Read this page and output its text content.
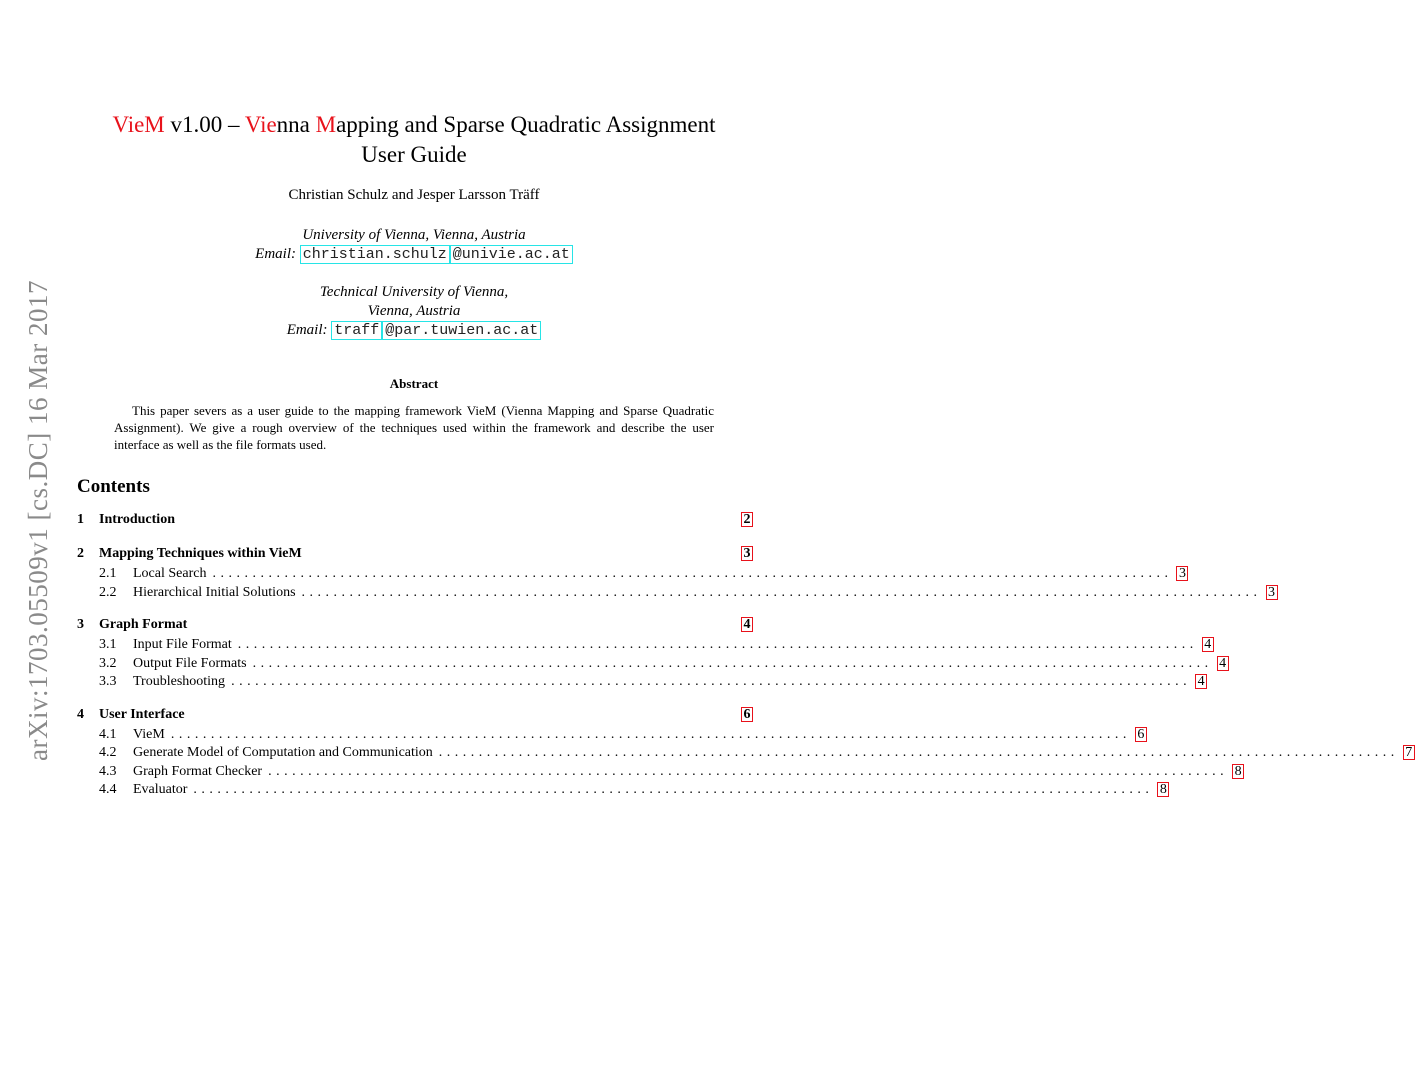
arXiv:1703.05509v1 [cs.DC] 16 Mar 2017
VieM v1.00 – Vienna Mapping and Sparse Quadratic Assignment
User Guide
Christian Schulz and Jesper Larsson Träff
University of Vienna, Vienna, Austria
Email: christian.schulz @univie.ac.at
Technical University of Vienna,
Vienna, Austria
Email: traff @par.tuwien.ac.at
Abstract
This paper severs as a user guide to the mapping framework VieM (Vienna Mapping and Sparse Quadratic Assignment). We give a rough overview of the techniques used within the framework and describe the user interface as well as the file formats used.
Contents
1	Introduction	2
2	Mapping Techniques within VieM	3
2.1	Local Search . . . . . . . . . . . . . . . . . . . . . . . . . . . . . . . . . . . . . . . . . . . . . . . . . . . . . . . . . . . . . . . . . . . . . . . . . . . . . . . . . . . . . . . . . . . . . . . . . . . . . . . . . . . . . . . . . . . . . . . . 3
2.2	Hierarchical Initial Solutions . . . . . . . . . . . . . . . . . . . . . . . . . . . . . . . . . . . . . . . . . . . . . . . . . . . . . . . . . . . . . . . . . . . . . . . . . . . . . . . . . . . . . . . . . . . . . . . . . . . . . . . . . . . . . . . . . . . . . . . . 3
3	Graph Format	4
3.1	Input File Format . . . . . . . . . . . . . . . . . . . . . . . . . . . . . . . . . . . . . . . . . . . . . . . . . . . . . . . . . . . . . . . . . . . . . . . . . . . . . . . . . . . . . . . . . . . . . . . . . . . . . . . . . . . . . . . . . . . . . . . . 4
3.2	Output File Formats . . . . . . . . . . . . . . . . . . . . . . . . . . . . . . . . . . . . . . . . . . . . . . . . . . . . . . . . . . . . . . . . . . . . . . . . . . . . . . . . . . . . . . . . . . . . . . . . . . . . . . . . . . . . . . . . . . . . . . . . 4
3.3	Troubleshooting . . . . . . . . . . . . . . . . . . . . . . . . . . . . . . . . . . . . . . . . . . . . . . . . . . . . . . . . . . . . . . . . . . . . . . . . . . . . . . . . . . . . . . . . . . . . . . . . . . . . . . . . . . . . . . . . . . . . . . . . 4
4	User Interface	6
4.1	VieM . . . . . . . . . . . . . . . . . . . . . . . . . . . . . . . . . . . . . . . . . . . . . . . . . . . . . . . . . . . . . . . . . . . . . . . . . . . . . . . . . . . . . . . . . . . . . . . . . . . . . . . . . . . . . . . . . . . . . . . . 6
4.2	Generate Model of Computation and Communication . . . . . . . . . . . . . . . . . . . . . . . . . . . . . . . . . . . . . . . . . . . . . . . . . . . . . . . . . . . . . . . . . . . . . . . . . . . . . . . . . . . . . . . . . . . . . . . . . . . . . . . . . . . . . . . . . . . . . . . . 7
4.3	Graph Format Checker . . . . . . . . . . . . . . . . . . . . . . . . . . . . . . . . . . . . . . . . . . . . . . . . . . . . . . . . . . . . . . . . . . . . . . . . . . . . . . . . . . . . . . . . . . . . . . . . . . . . . . . . . . . . . . . . . . . . . . . . 8
4.4	Evaluator . . . . . . . . . . . . . . . . . . . . . . . . . . . . . . . . . . . . . . . . . . . . . . . . . . . . . . . . . . . . . . . . . . . . . . . . . . . . . . . . . . . . . . . . . . . . . . . . . . . . . . . . . . . . . . . . . . . . . . . . 8
